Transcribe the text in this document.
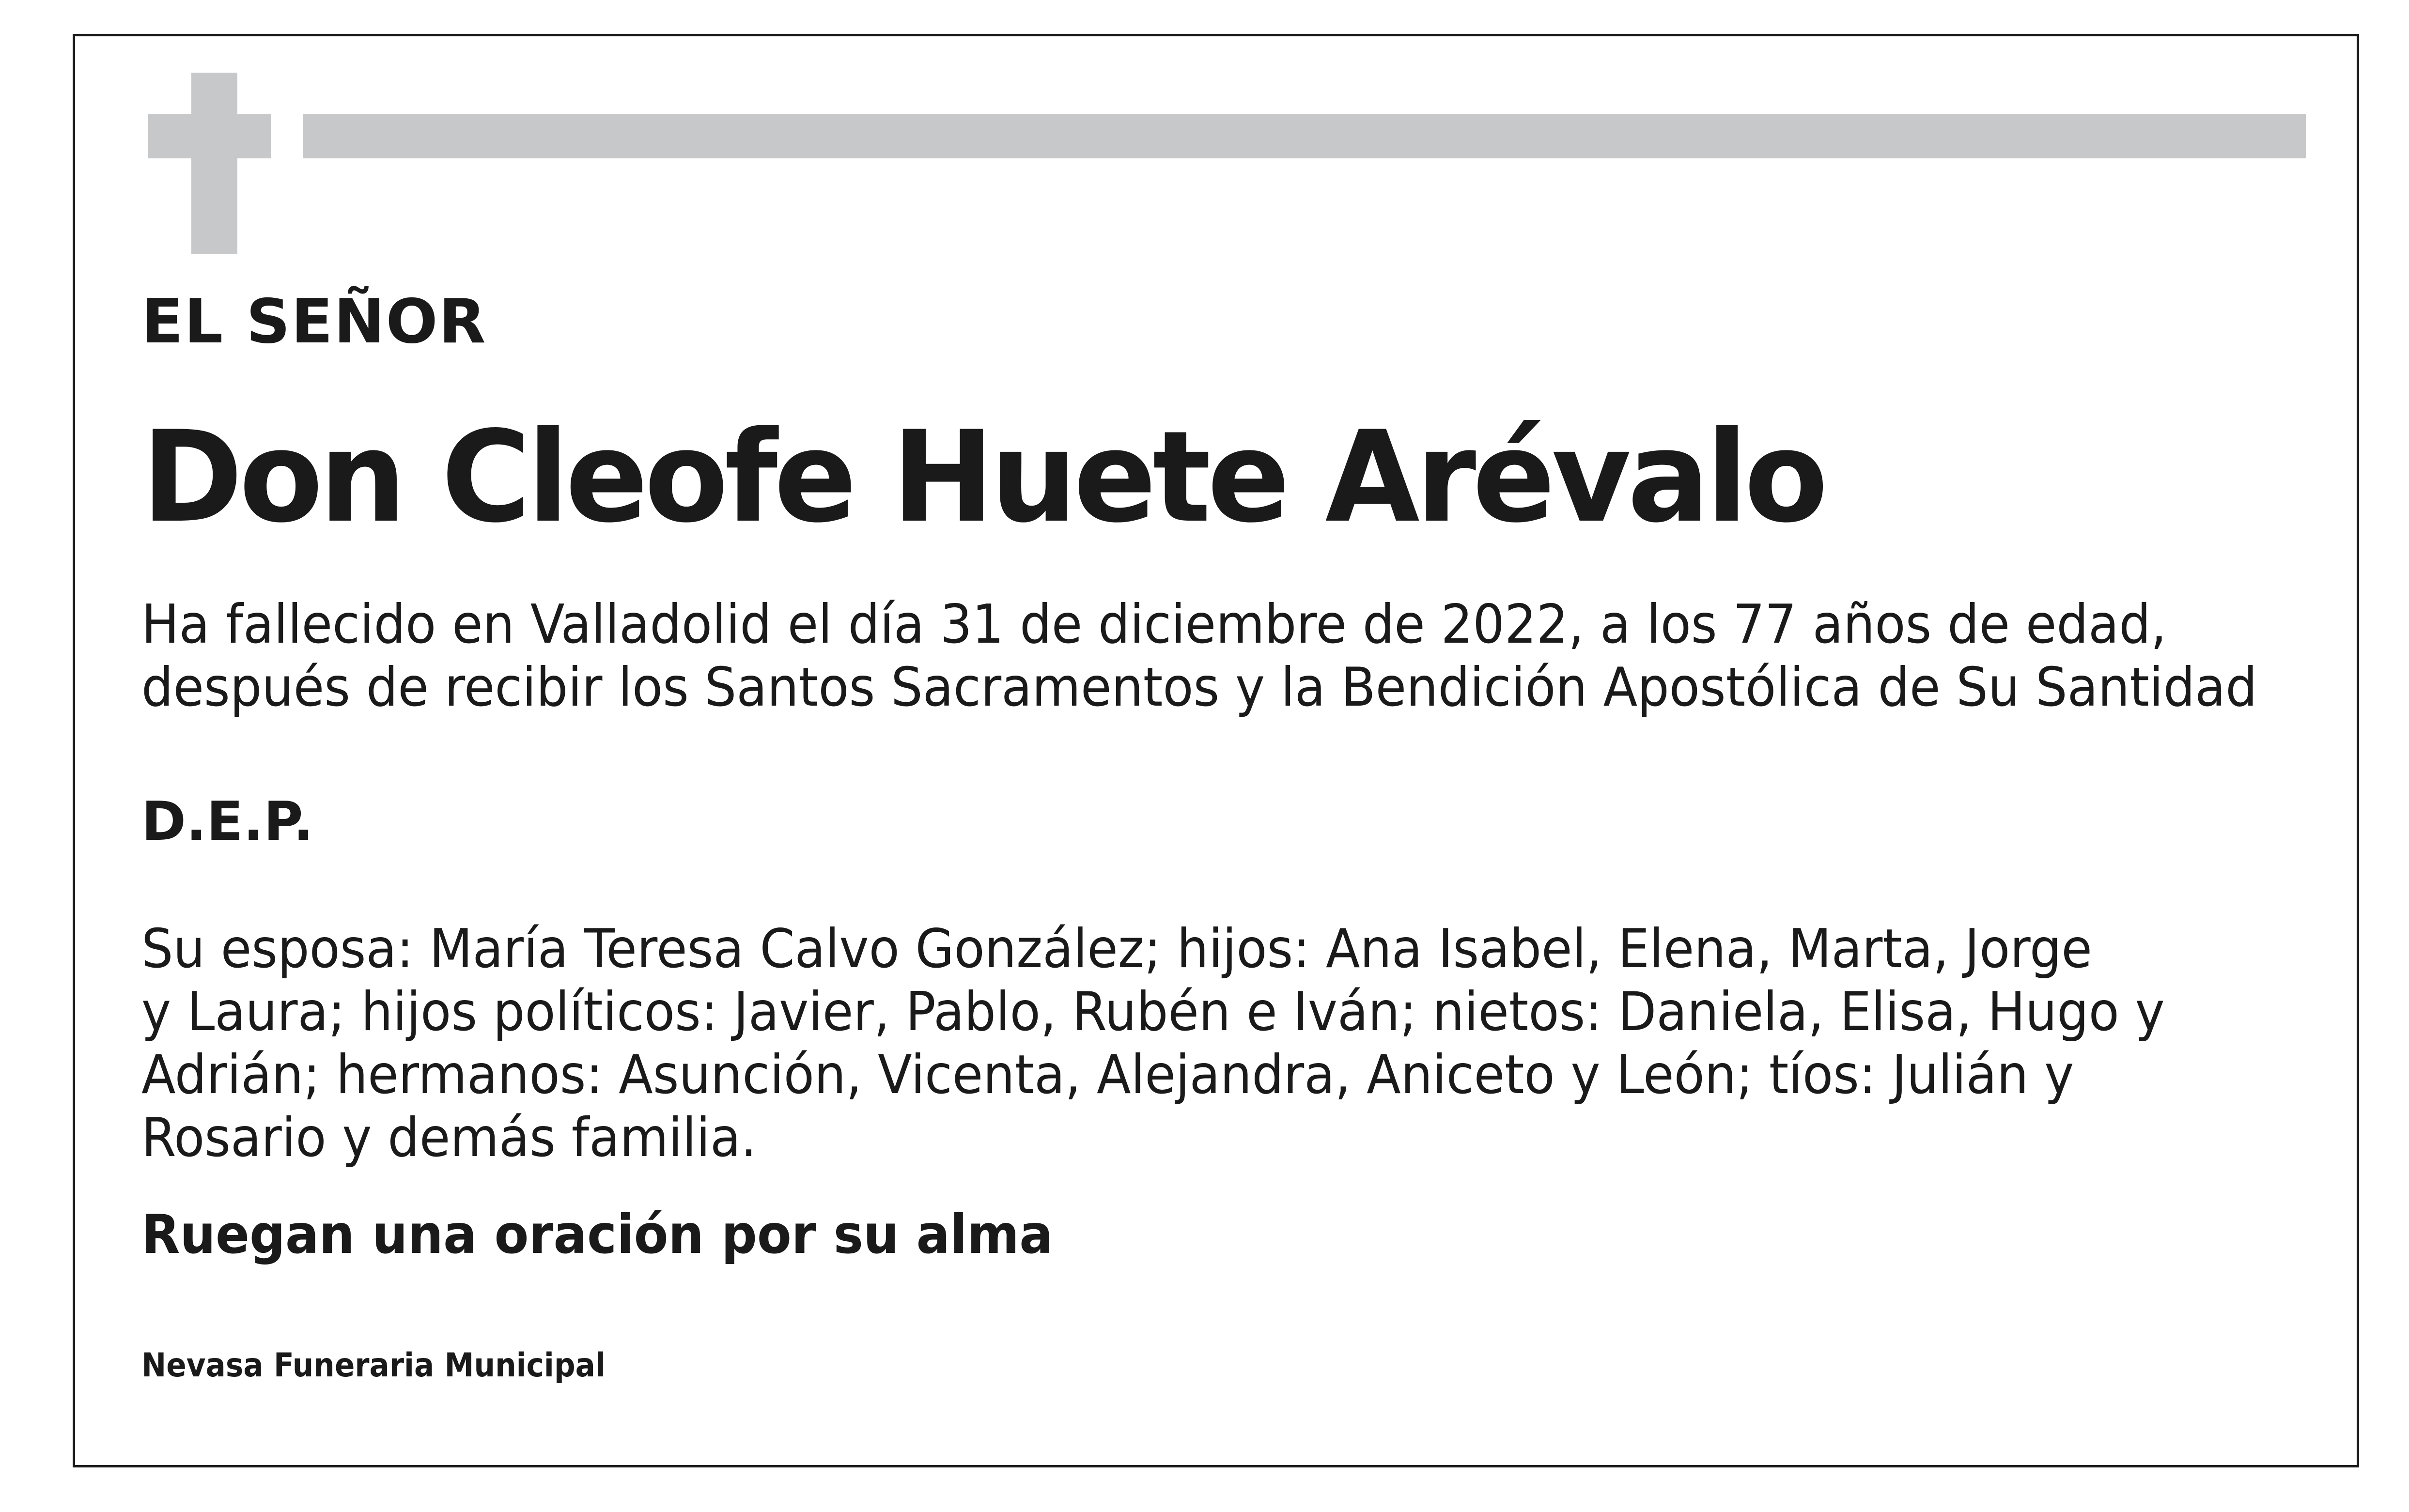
EL SEÑOR

Don Cleofe Huete Arévalo

Ha fallecido en Valladolid el día 31 de diciembre de 2022, a los 77 años de edad,

después de recibir los Santos Sacramentos y la Bendición Apostólica de Su Santidad

D.E.P.

Su esposa: María Teresa Calvo González; hijos: Ana Isabel, Elena, Marta, Jorge

y Laura; hijos políticos: Javier, Pablo, Rubén e Iván; nietos: Daniela, Elisa, Hugo y

Adrián; hermanos: Asunción, Vicenta, Alejandra, Aniceto y León; tíos: Julián y

Rosario y demás familia.

Ruegan una oración por su alma

Nevasa Funeraria Municipal
